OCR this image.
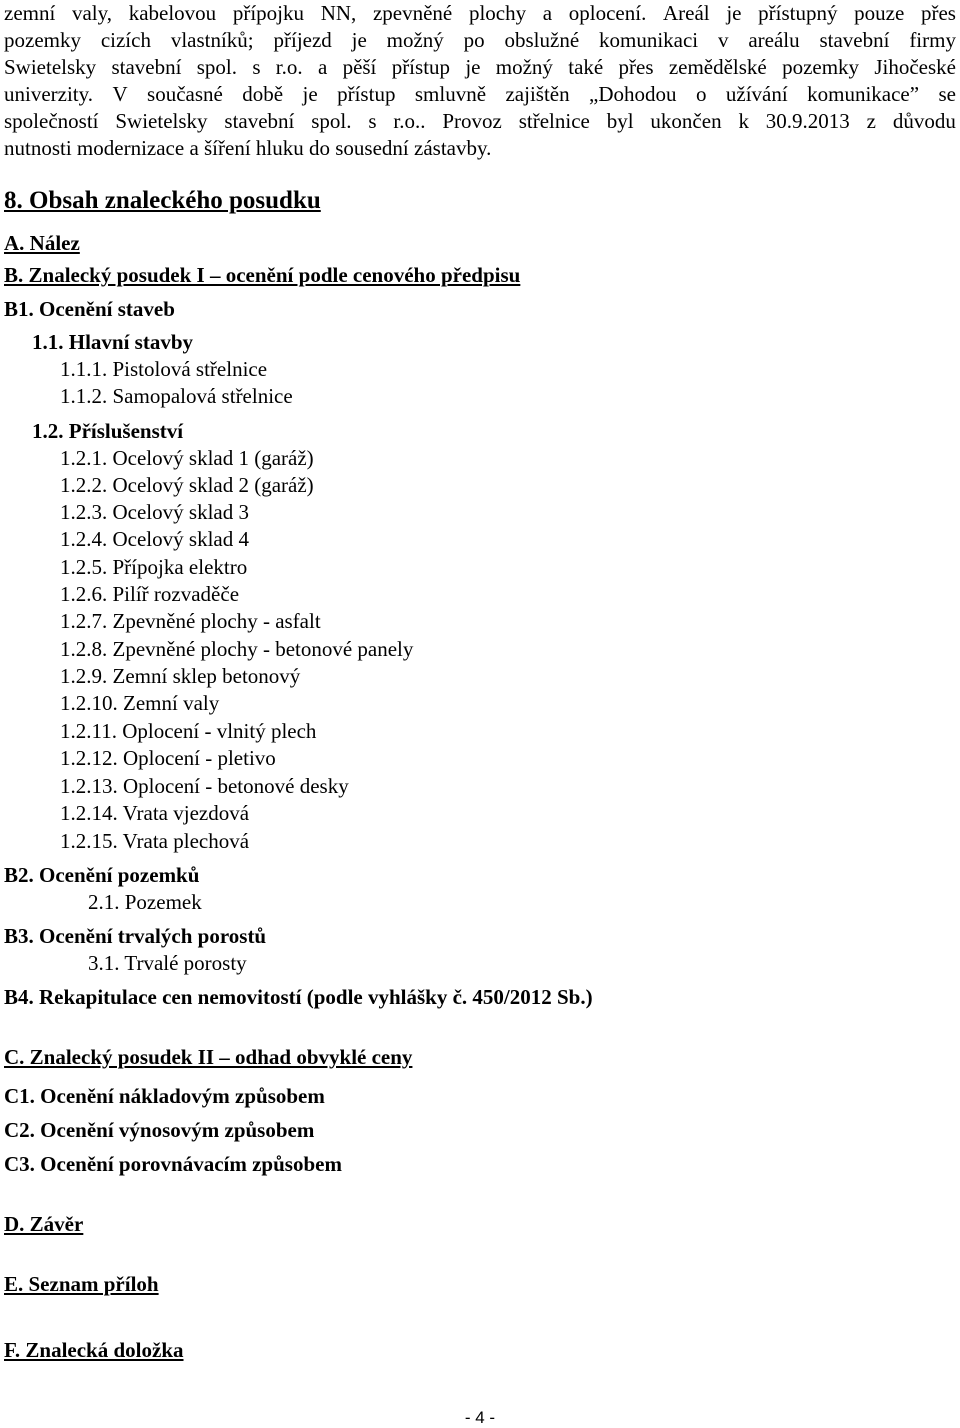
zemní valy, kabelovou přípojku NN, zpevněné plochy a oplocení. Areál je přístupný pouze přes
pozemky cizích vlastníků; příjezd je možný po obslužné komunikaci v areálu stavební firmy
Swietelsky stavební spol. s r.o. a pěší přístup je možný také přes zemědělské pozemky Jihočeské
univerzity. V současné době je přístup smluvně zajištěn „Dohodou o užívání komunikace” se
společností Swietelsky stavební spol. s r.o.. Provoz střelnice byl ukončen k 30.9.2013 z důvodu
nutnosti modernizace a šíření hluku do sousední zástavby.
8. Obsah znaleckého posudku
A. Nález
B. Znalecký posudek I – ocenění podle cenového předpisu
B1. Ocenění staveb
1.1. Hlavní stavby
1.1.1. Pistolová střelnice
1.1.2. Samopalová střelnice
1.2. Příslušenství
1.2.1. Ocelový sklad 1 (garáž)
1.2.2. Ocelový sklad 2 (garáž)
1.2.3. Ocelový sklad 3
1.2.4. Ocelový sklad 4
1.2.5. Přípojka elektro
1.2.6. Pilíř rozvaděče
1.2.7. Zpevněné plochy - asfalt
1.2.8. Zpevněné plochy - betonové panely
1.2.9. Zemní sklep betonový
1.2.10. Zemní valy
1.2.11. Oplocení - vlnitý plech
1.2.12. Oplocení - pletivo
1.2.13. Oplocení - betonové desky
1.2.14. Vrata vjezdová
1.2.15. Vrata plechová
B2. Ocenění pozemků
2.1. Pozemek
B3. Ocenění trvalých porostů
3.1. Trvalé porosty
B4. Rekapitulace cen nemovitostí (podle vyhlášky č. 450/2012 Sb.)
C. Znalecký posudek II – odhad obvyklé ceny
C1. Ocenění nákladovým způsobem
C2. Ocenění výnosovým způsobem
C3. Ocenění porovnávacím způsobem
D. Závěr
E. Seznam příloh
F. Znalecká doložka
- 4 -
